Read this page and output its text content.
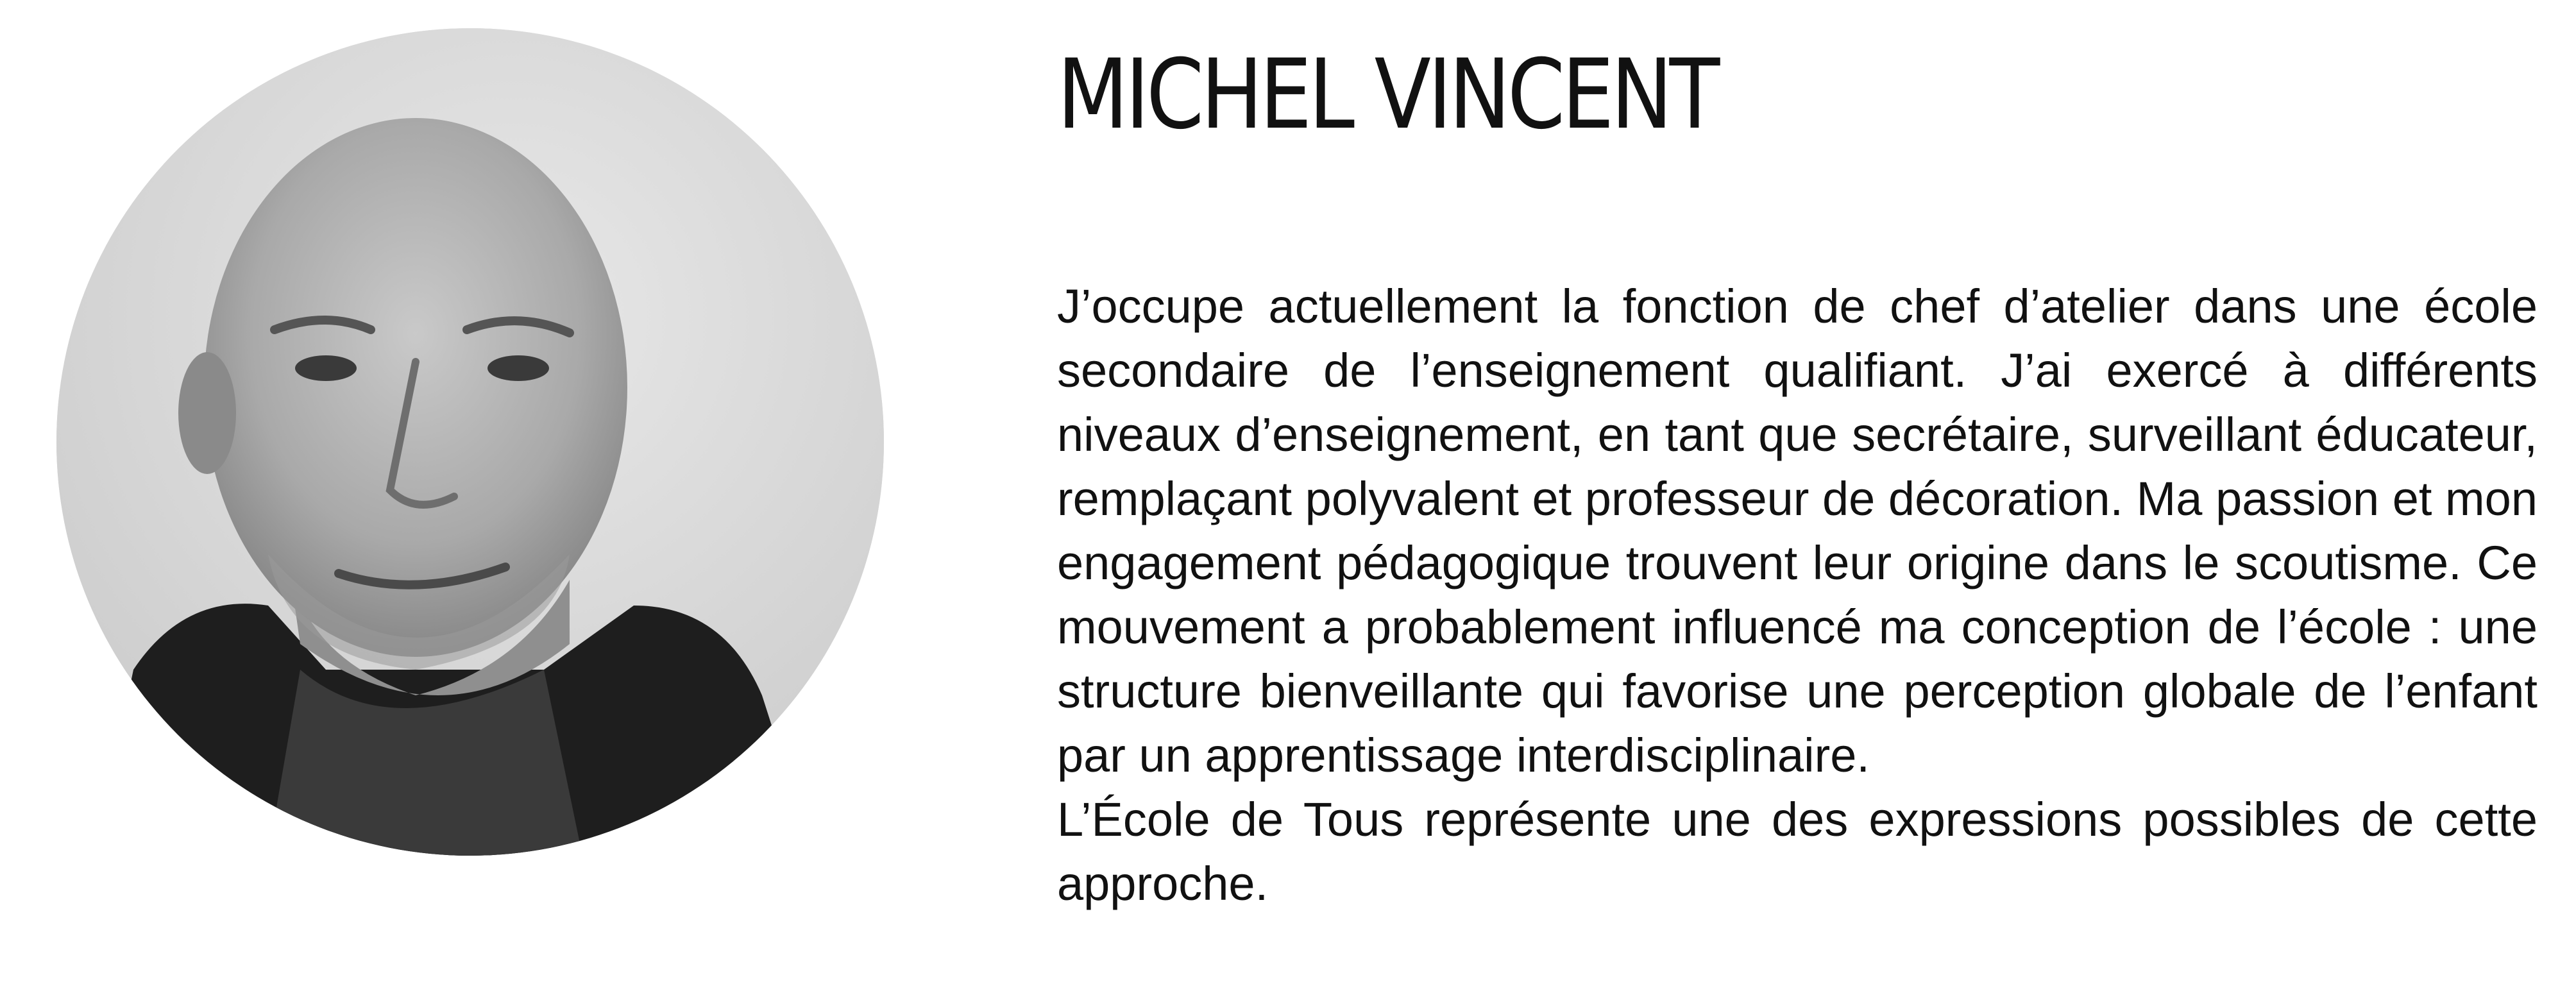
MICHEL VINCENT

J’occupe actuellement la fonction de chef d’atelier dans une école secondaire de l’enseignement qualifiant. J’ai exercé à différents niveaux d’enseignement, en tant que secrétaire, surveillant éducateur, remplaçant polyvalent et professeur de décoration. Ma passion et mon engagement pédagogique trouvent leur origine dans le scoutisme. Ce mouvement a probablement influencé ma conception de l’école : une structure bienveillante qui favorise une perception globale de l’enfant par un apprentissage interdisciplinaire.

L’École de Tous représente une des expressions possibles de cette approche.
